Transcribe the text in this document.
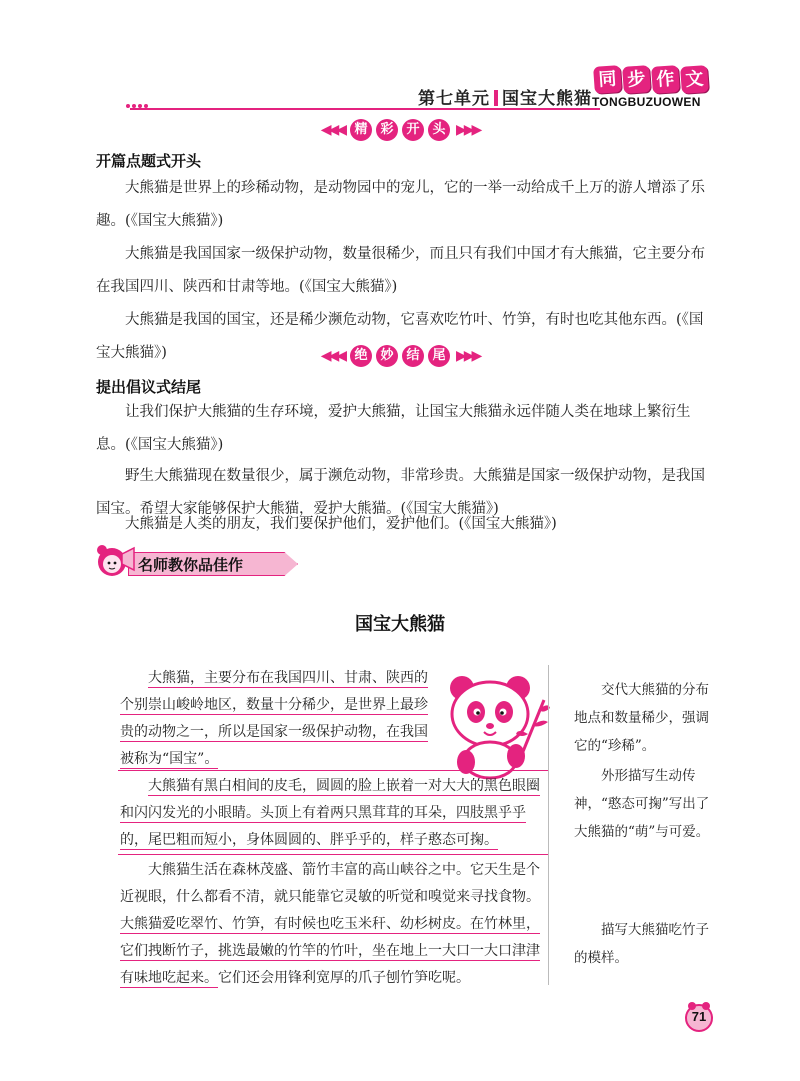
第七单元 国宝大熊猫
同 步 作 文
TONGBUZUOWEN
◀◀◀ 精 彩 开 头 ▶▶▶
开篇点题式开头
大熊猫是世界上的珍稀动物，是动物园中的宠儿，它的一举一动给成千上万的游人增添了乐趣。(《国宝大熊猫》)
大熊猫是我国国家一级保护动物，数量很稀少，而且只有我们中国才有大熊猫，它主要分布在我国四川、陕西和甘肃等地。(《国宝大熊猫》)
大熊猫是我国的国宝，还是稀少濒危动物，它喜欢吃竹叶、竹笋，有时也吃其他东西。(《国宝大熊猫》)	◀◀◀ 绝 妙 结 尾 ▶▶▶
提出倡议式结尾
让我们保护大熊猫的生存环境，爱护大熊猫，让国宝大熊猫永远伴随人类在地球上繁衍生息。(《国宝大熊猫》)
野生大熊猫现在数量很少，属于濒危动物，非常珍贵。大熊猫是国家一级保护动物，是我国国宝。希望大家能够保护大熊猫，爱护大熊猫。(《国宝大熊猫》)
大熊猫是人类的朋友，我们要保护他们，爱护他们。(《国宝大熊猫》)
名师教你品佳作
国宝大熊猫
大熊猫，主要分布在我国四川、甘肃、陕西的个别崇山峻岭地区，数量十分稀少，是世界上最珍贵的动物之一，所以是国家一级保护动物，在我国被称为“国宝”。
大熊猫有黑白相间的皮毛，圆圆的脸上嵌着一对大大的黑色眼圈和闪闪发光的小眼睛。头顶上有着两只黑茸茸的耳朵，四肢黑乎乎的，尾巴粗而短小，身体圆圆的、胖乎乎的，样子憨态可掬。
大熊猫生活在森林茂盛、箭竹丰富的高山峡谷之中。它天生是个近视眼，什么都看不清，就只能靠它灵敏的听觉和嗅觉来寻找食物。大熊猫爱吃翠竹、竹笋，有时候也吃玉米秆、幼杉树皮。在竹林里，它们拽断竹子，挑选最嫩的竹竿的竹叶，坐在地上一大口一大口津津有味地吃起来。它们还会用锋利宽厚的爪子刨竹笋吃呢。
交代大熊猫的分布地点和数量稀少，强调它的“珍稀”。
外形描写生动传神，“憨态可掬”写出了大熊猫的“萌”与可爱。
描写大熊猫吃竹子的模样。
71
